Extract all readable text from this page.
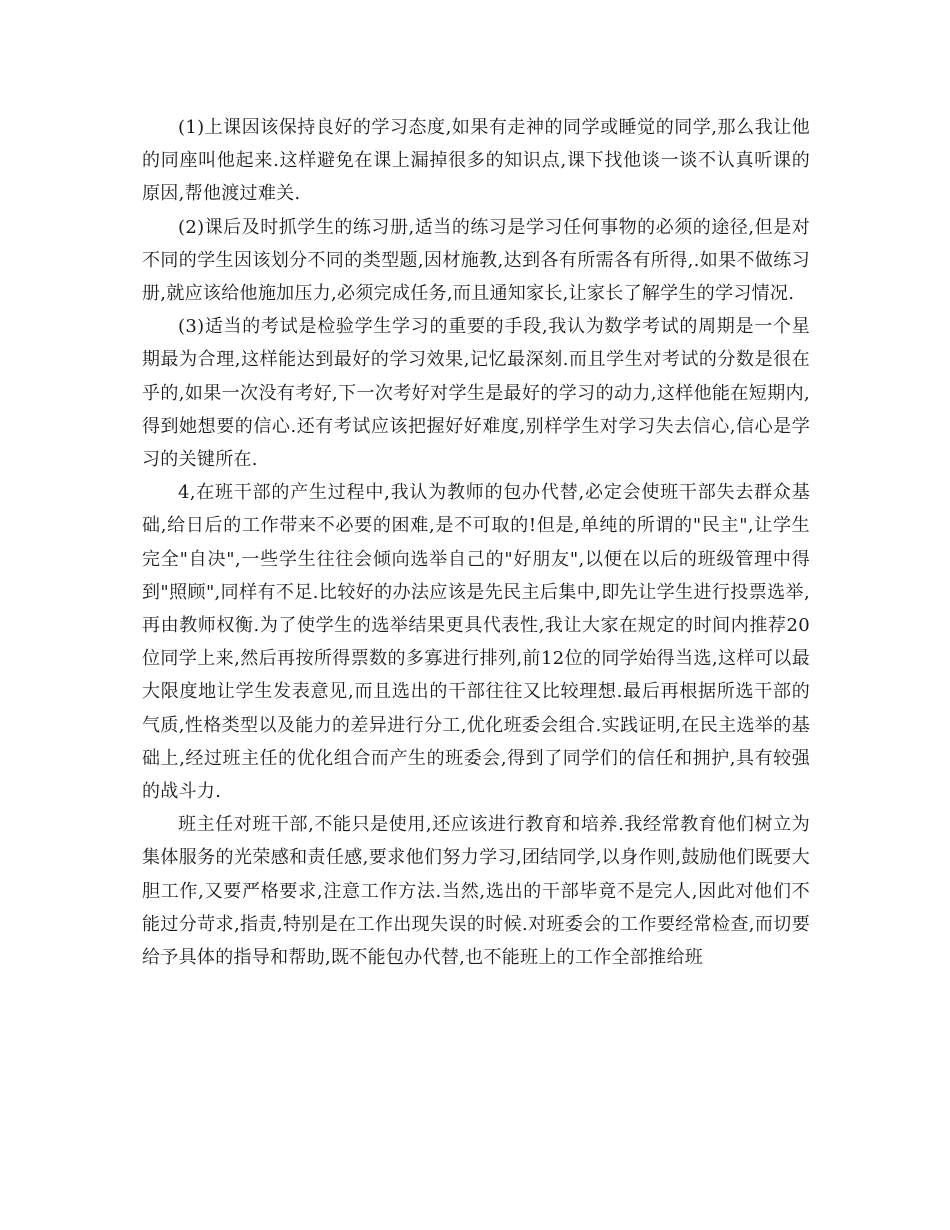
(1)上课因该保持良好的学习态度,如果有走神的同学或睡觉的同学,那么我让他的同座叫他起来.这样避免在课上漏掉很多的知识点,课下找他谈一谈不认真听课的原因,帮他渡过难关.

(2)课后及时抓学生的练习册,适当的练习是学习任何事物的必须的途径,但是对不同的学生因该划分不同的类型题,因材施教,达到各有所需各有所得,.如果不做练习册,就应该给他施加压力,必须完成任务,而且通知家长,让家长了解学生的学习情况.

(3)适当的考试是检验学生学习的重要的手段,我认为数学考试的周期是一个星期最为合理,这样能达到最好的学习效果,记忆最深刻.而且学生对考试的分数是很在乎的,如果一次没有考好,下一次考好对学生是最好的学习的动力,这样他能在短期内,得到她想要的信心.还有考试应该把握好好难度,别样学生对学习失去信心,信心是学习的关键所在.

4,在班干部的产生过程中,我认为教师的包办代替,必定会使班干部失去群众基础,给日后的工作带来不必要的困难,是不可取的!但是,单纯的所谓的"民主",让学生完全"自决",一些学生往往会倾向选举自己的"好朋友",以便在以后的班级管理中得到"照顾",同样有不足.比较好的办法应该是先民主后集中,即先让学生进行投票选举,再由教师权衡.为了使学生的选举结果更具代表性,我让大家在规定的时间内推荐20位同学上来,然后再按所得票数的多寡进行排列,前12位的同学始得当选,这样可以最大限度地让学生发表意见,而且选出的干部往往又比较理想.最后再根据所选干部的气质,性格类型以及能力的差异进行分工,优化班委会组合.实践证明,在民主选举的基础上,经过班主任的优化组合而产生的班委会,得到了同学们的信任和拥护,具有较强的战斗力.

班主任对班干部,不能只是使用,还应该进行教育和培养.我经常教育他们树立为集体服务的光荣感和责任感,要求他们努力学习,团结同学,以身作则,鼓励他们既要大胆工作,又要严格要求,注意工作方法.当然,选出的干部毕竟不是完人,因此对他们不能过分苛求,指责,特别是在工作出现失误的时候.对班委会的工作要经常检查,而切要给予具体的指导和帮助,既不能包办代替,也不能班上的工作全部推给班
